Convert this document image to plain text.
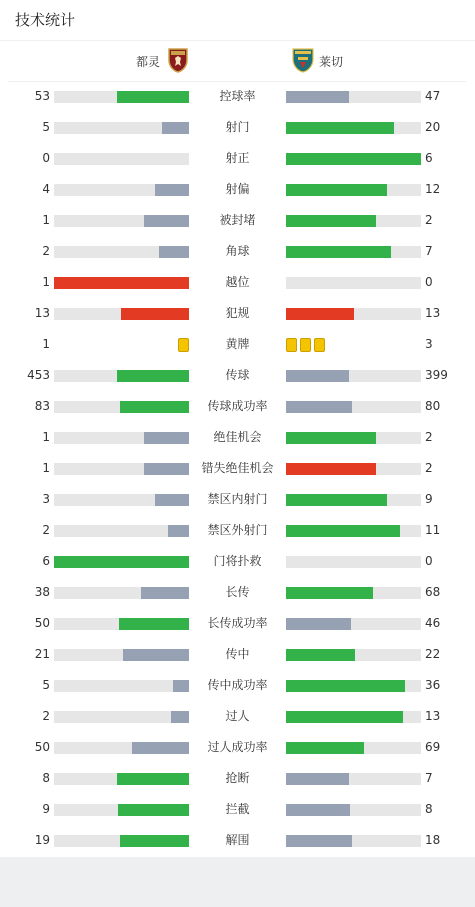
技术统计
都灵	莱切
53	控球率	47
5	射门	20
0	射正	6
4	射偏	12
1	被封堵	2
2	角球	7
1	越位	0
13	犯规	13
1	黄牌	3
453	传球	399
83	传球成功率	80
1	绝佳机会	2
1	错失绝佳机会	2
3	禁区内射门	9
2	禁区外射门	11
6	门将扑救	0
38	长传	68
50	长传成功率	46
21	传中	22
5	传中成功率	36
2	过人	13
50	过人成功率	69
8	抢断	7
9	拦截	8
19	解围	18
